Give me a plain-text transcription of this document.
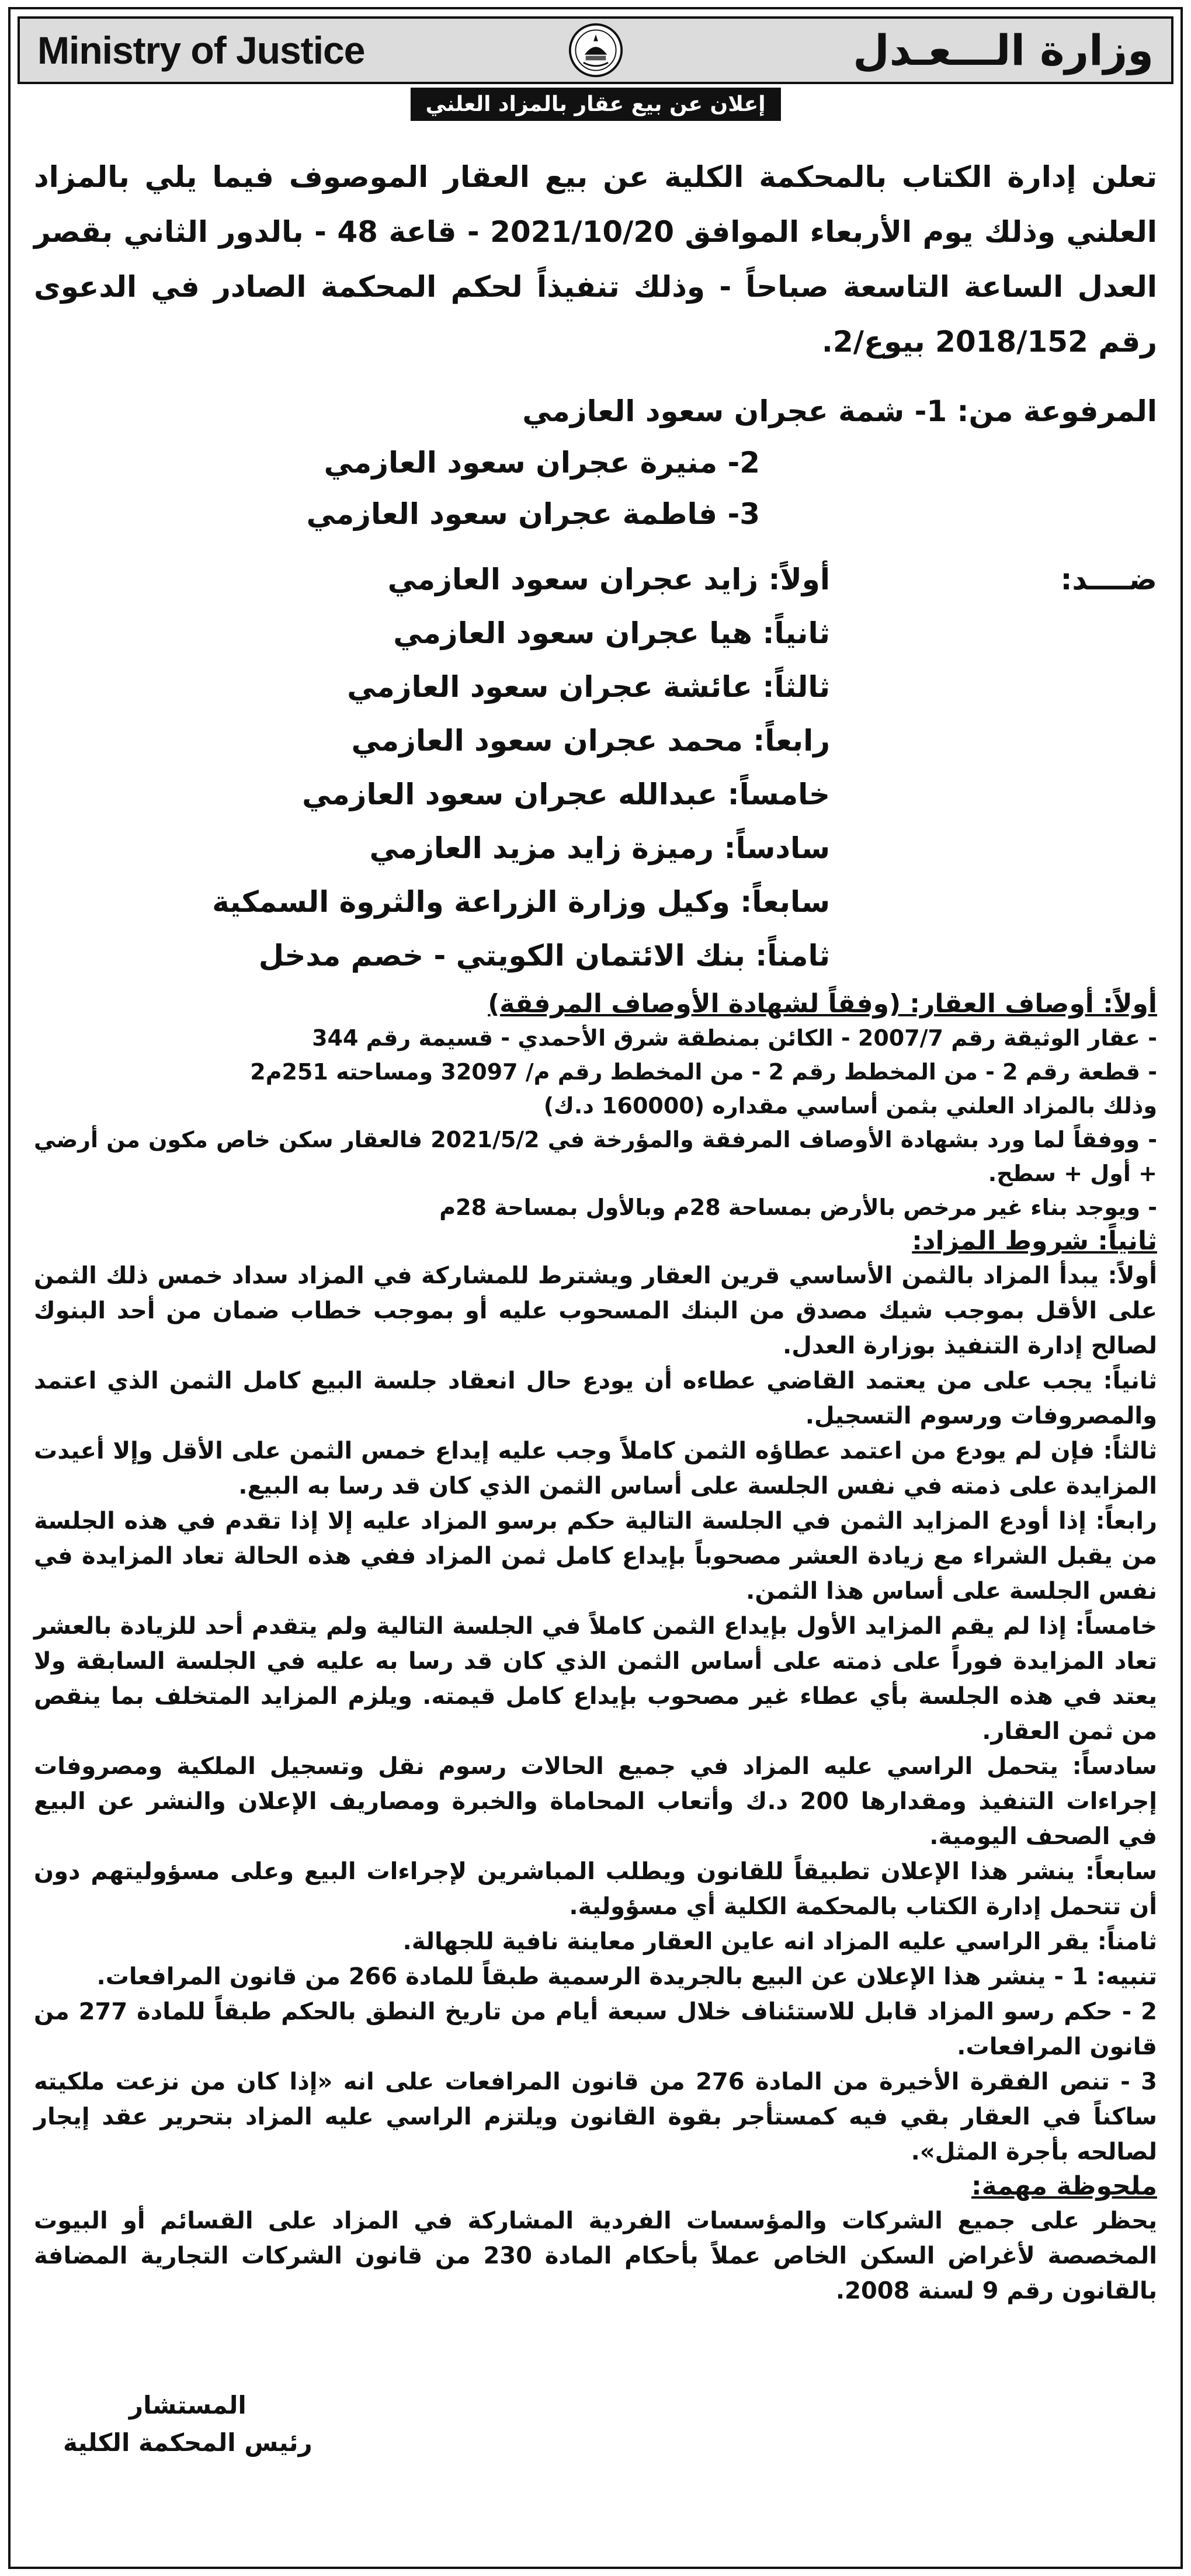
Ministry of Justice	وزارة الـــعـدل
إعلان عن بيع عقار بالمزاد العلني

تعلن إدارة الكتاب بالمحكمة الكلية عن بيع العقار الموصوف فيما يلي بالمزاد العلني وذلك يوم الأربعاء الموافق 2021/10/20 - قاعة 48 - بالدور الثاني بقصر العدل الساعة التاسعة صباحاً - وذلك تنفيذاً لحكم المحكمة الصادر في الدعوى رقم 2018/152 بيوع/2.

المرفوعة من: 1- شمة عجران سعود العازمي
2- منيرة عجران سعود العازمي
3- فاطمة عجران سعود العازمي
ضــــد:
أولاً: زايد عجران سعود العازمي
ثانياً: هيا عجران سعود العازمي
ثالثاً: عائشة عجران سعود العازمي
رابعاً: محمد عجران سعود العازمي
خامساً: عبدالله عجران سعود العازمي
سادساً: رميزة زايد مزيد العازمي
سابعاً: وكيل وزارة الزراعة والثروة السمكية
ثامناً: بنك الائتمان الكويتي - خصم مدخل
أولاً: أوصاف العقار: (وفقاً لشهادة الأوصاف المرفقة)

- عقار الوثيقة رقم 2007/7 - الكائن بمنطقة شرق الأحمدي - قسيمة رقم 344

- قطعة رقم 2 - من المخطط رقم 2 - من المخطط رقم م/ 32097 ومساحته 251م2

وذلك بالمزاد العلني بثمن أساسي مقداره (160000 د.ك)

- ووفقاً لما ورد بشهادة الأوصاف المرفقة والمؤرخة في 2021/5/2 فالعقار سكن خاص مكون من أرضي + أول + سطح.

- ويوجد بناء غير مرخص بالأرض بمساحة 28م وبالأول بمساحة 28م

ثانياً: شروط المزاد:

أولاً: يبدأ المزاد بالثمن الأساسي قرين العقار ويشترط للمشاركة في المزاد سداد خمس ذلك الثمن على الأقل بموجب شيك مصدق من البنك المسحوب عليه أو بموجب خطاب ضمان من أحد البنوك لصالح إدارة التنفيذ بوزارة العدل.

ثانياً: يجب على من يعتمد القاضي عطاءه أن يودع حال انعقاد جلسة البيع كامل الثمن الذي اعتمد والمصروفات ورسوم التسجيل.

ثالثاً: فإن لم يودع من اعتمد عطاؤه الثمن كاملاً وجب عليه إيداع خمس الثمن على الأقل وإلا أعيدت المزايدة على ذمته في نفس الجلسة على أساس الثمن الذي كان قد رسا به البيع.

رابعاً: إذا أودع المزايد الثمن في الجلسة التالية حكم برسو المزاد عليه إلا إذا تقدم في هذه الجلسة من يقبل الشراء مع زيادة العشر مصحوباً بإيداع كامل ثمن المزاد ففي هذه الحالة تعاد المزايدة في نفس الجلسة على أساس هذا الثمن.

خامساً: إذا لم يقم المزايد الأول بإيداع الثمن كاملاً في الجلسة التالية ولم يتقدم أحد للزيادة بالعشر تعاد المزايدة فوراً على ذمته على أساس الثمن الذي كان قد رسا به عليه في الجلسة السابقة ولا يعتد في هذه الجلسة بأي عطاء غير مصحوب بإيداع كامل قيمته. ويلزم المزايد المتخلف بما ينقص من ثمن العقار.

سادساً: يتحمل الراسي عليه المزاد في جميع الحالات رسوم نقل وتسجيل الملكية ومصروفات إجراءات التنفيذ ومقدارها 200 د.ك وأتعاب المحاماة والخبرة ومصاريف الإعلان والنشر عن البيع في الصحف اليومية.

سابعاً: ينشر هذا الإعلان تطبيقاً للقانون ويطلب المباشرين لإجراءات البيع وعلى مسؤوليتهم دون أن تتحمل إدارة الكتاب بالمحكمة الكلية أي مسؤولية.

ثامناً: يقر الراسي عليه المزاد انه عاين العقار معاينة نافية للجهالة.

تنبيه: 1 - ينشر هذا الإعلان عن البيع بالجريدة الرسمية طبقاً للمادة 266 من قانون المرافعات.

2 - حكم رسو المزاد قابل للاستئناف خلال سبعة أيام من تاريخ النطق بالحكم طبقاً للمادة 277 من قانون المرافعات.

3 - تنص الفقرة الأخيرة من المادة 276 من قانون المرافعات على انه «إذا كان من نزعت ملكيته ساكناً في العقار بقي فيه كمستأجر بقوة القانون ويلتزم الراسي عليه المزاد بتحرير عقد إيجار لصالحه بأجرة المثل».

ملحوظة مهمة:

يحظر على جميع الشركات والمؤسسات الفردية المشاركة في المزاد على القسائم أو البيوت المخصصة لأغراض السكن الخاص عملاً بأحكام المادة 230 من قانون الشركات التجارية المضافة بالقانون رقم 9 لسنة 2008.

المستشار
رئيس المحكمة الكلية
